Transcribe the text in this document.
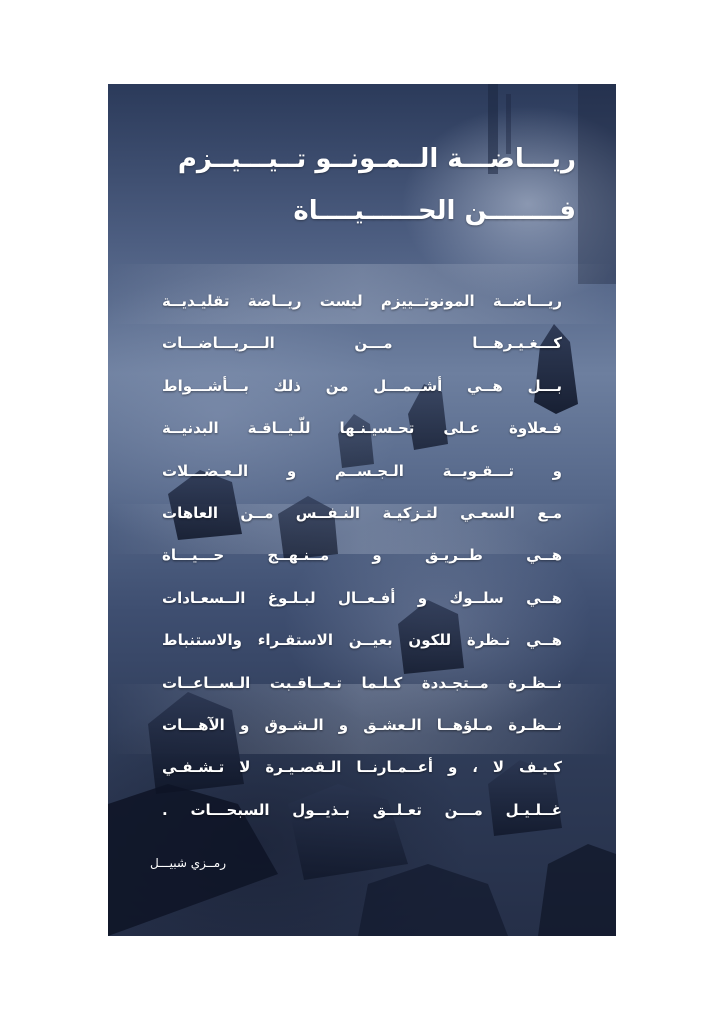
ريـــاضـــة الــمـونــو تــيـــيــزم
فــــــــن الحــــــيــــاة
ريـــاضــة المونوتــييزم ليست ريــاضة تقليـديــة
كـــغـيـرهـــا مـــن الـــريـــاضـــات
بـــل هــي أشــمـــل من ذلك بـــأشـــواط
فـعلاوة عـلى تحـسيـنـها للّـيــاقـة البدنيــة
و تـــقـويــة الـجـســم و الـعـضـــلات
مـع السعـي لتـزكيـة النـفــس مــن العاهات
هــي طــريـق و مــنـهــج حـــيـــاة
هــي سلــوك و أفـعــال لبـلـوغ الــسعـادات
هــي نـظرة للكون بعيــن الاستقـراء والاستنباط
نــظـرة مــتجـددة كـلـما تـعــاقـبت الـســاعــات
نــظـرة مـلؤهــا الـعشـق و الـشـوق و الآهـــات
كـيـف لا ، و أعــمـارنــا الـقصـيـرة لا تـشـفـي
غــلـيـل مـــن تعـلــق بـذيــول السبحـــات .
رمــزي شبيـــل
